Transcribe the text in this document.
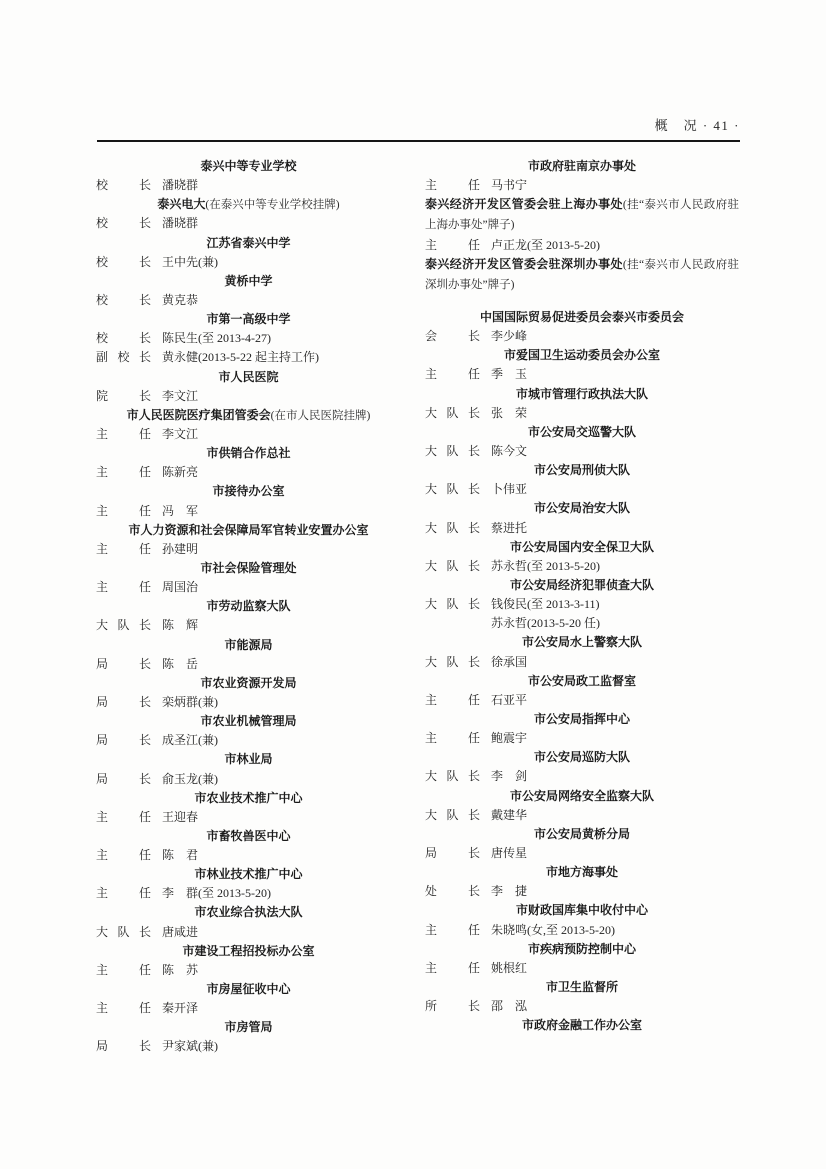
概　况 · 41 ·
泰兴中等专业学校
校 长 潘晓群
泰兴电大(在泰兴中等专业学校挂牌)
校 长 潘晓群
江苏省泰兴中学
校 长 王中先(兼)
黄桥中学
校 长 黄克恭
市第一高级中学
校 长 陈民生(至 2013-4-27)
副 校 长 黄永健(2013-5-22 起主持工作)
市人民医院
院 长 李文江
市人民医院医疗集团管委会(在市人民医院挂牌)
主 任 李文江
市供销合作总社
主 任 陈新亮
市接待办公室
主 任 冯　军
市人力资源和社会保障局军官转业安置办公室
主 任 孙建明
市社会保险管理处
主 任 周国治
市劳动监察大队
大 队 长 陈　辉
市能源局
局 长 陈　岳
市农业资源开发局
局 长 栾炳群(兼)
市农业机械管理局
局 长 成圣江(兼)
市林业局
局 长 俞玉龙(兼)
市农业技术推广中心
主 任 王迎春
市畜牧兽医中心
主 任 陈　君
市林业技术推广中心
主 任 李　群(至 2013-5-20)
市农业综合执法大队
大 队 长 唐咸进
市建设工程招投标办公室
主 任 陈　苏
市房屋征收中心
主 任 秦开泽
市房管局
局 长 尹家斌(兼)
市政府驻南京办事处
主 任 马书宁
泰兴经济开发区管委会驻上海办事处(挂“泰兴市人民政府驻上海办事处”牌子)
主 任 卢正龙(至 2013-5-20)
泰兴经济开发区管委会驻深圳办事处(挂“泰兴市人民政府驻深圳办事处”牌子)
中国国际贸易促进委员会泰兴市委员会
会 长 李少峰
市爱国卫生运动委员会办公室
主 任 季　玉
市城市管理行政执法大队
大 队 长 张　荣
市公安局交巡警大队
大 队 长 陈今文
市公安局刑侦大队
大 队 长 卜伟亚
市公安局治安大队
大 队 长 蔡进托
市公安局国内安全保卫大队
大 队 长 苏永哲(至 2013-5-20)
市公安局经济犯罪侦查大队
大 队 长 钱俊民(至 2013-3-11)
苏永哲(2013-5-20 任)
市公安局水上警察大队
大 队 长 徐承国
市公安局政工监督室
主 任 石亚平
市公安局指挥中心
主 任 鲍震宇
市公安局巡防大队
大 队 长 李　剑
市公安局网络安全监察大队
大 队 长 戴建华
市公安局黄桥分局
局 长 唐传星
市地方海事处
处 长 李　捷
市财政国库集中收付中心
主 任 朱晓鸣(女,至 2013-5-20)
市疾病预防控制中心
主 任 姚根红
市卫生监督所
所 长 邵　泓
市政府金融工作办公室
